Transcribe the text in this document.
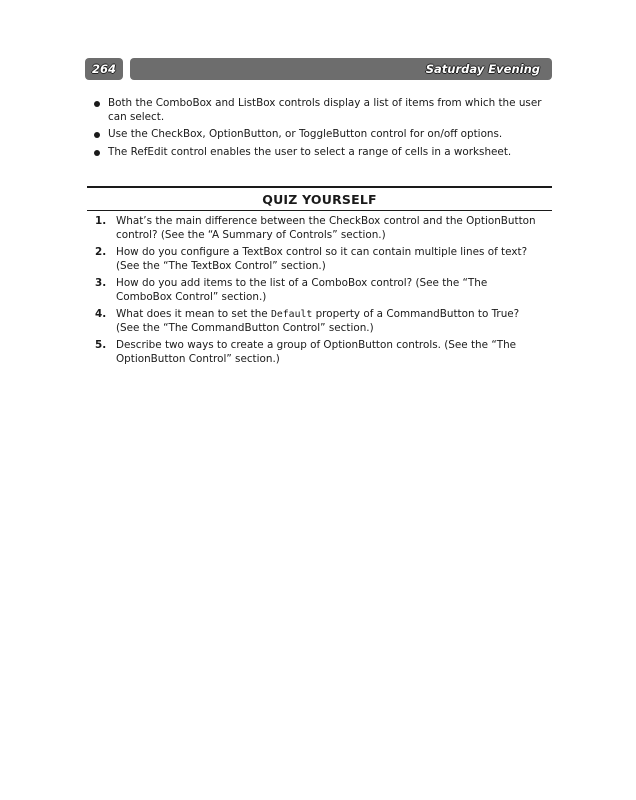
264	Saturday Evening
Both the ComboBox and ListBox controls display a list of items from which the user can select.
Use the CheckBox, OptionButton, or ToggleButton control for on/off options.
The RefEdit control enables the user to select a range of cells in a worksheet.
QUIZ YOURSELF
1. What’s the main difference between the CheckBox control and the OptionButton control? (See the “A Summary of Controls” section.)
2. How do you configure a TextBox control so it can contain multiple lines of text? (See the “The TextBox Control” section.)
3. How do you add items to the list of a ComboBox control? (See the “The ComboBox Control” section.)
4. What does it mean to set the Default property of a CommandButton to True? (See the “The CommandButton Control” section.)
5. Describe two ways to create a group of OptionButton controls. (See the “The OptionButton Control” section.)
